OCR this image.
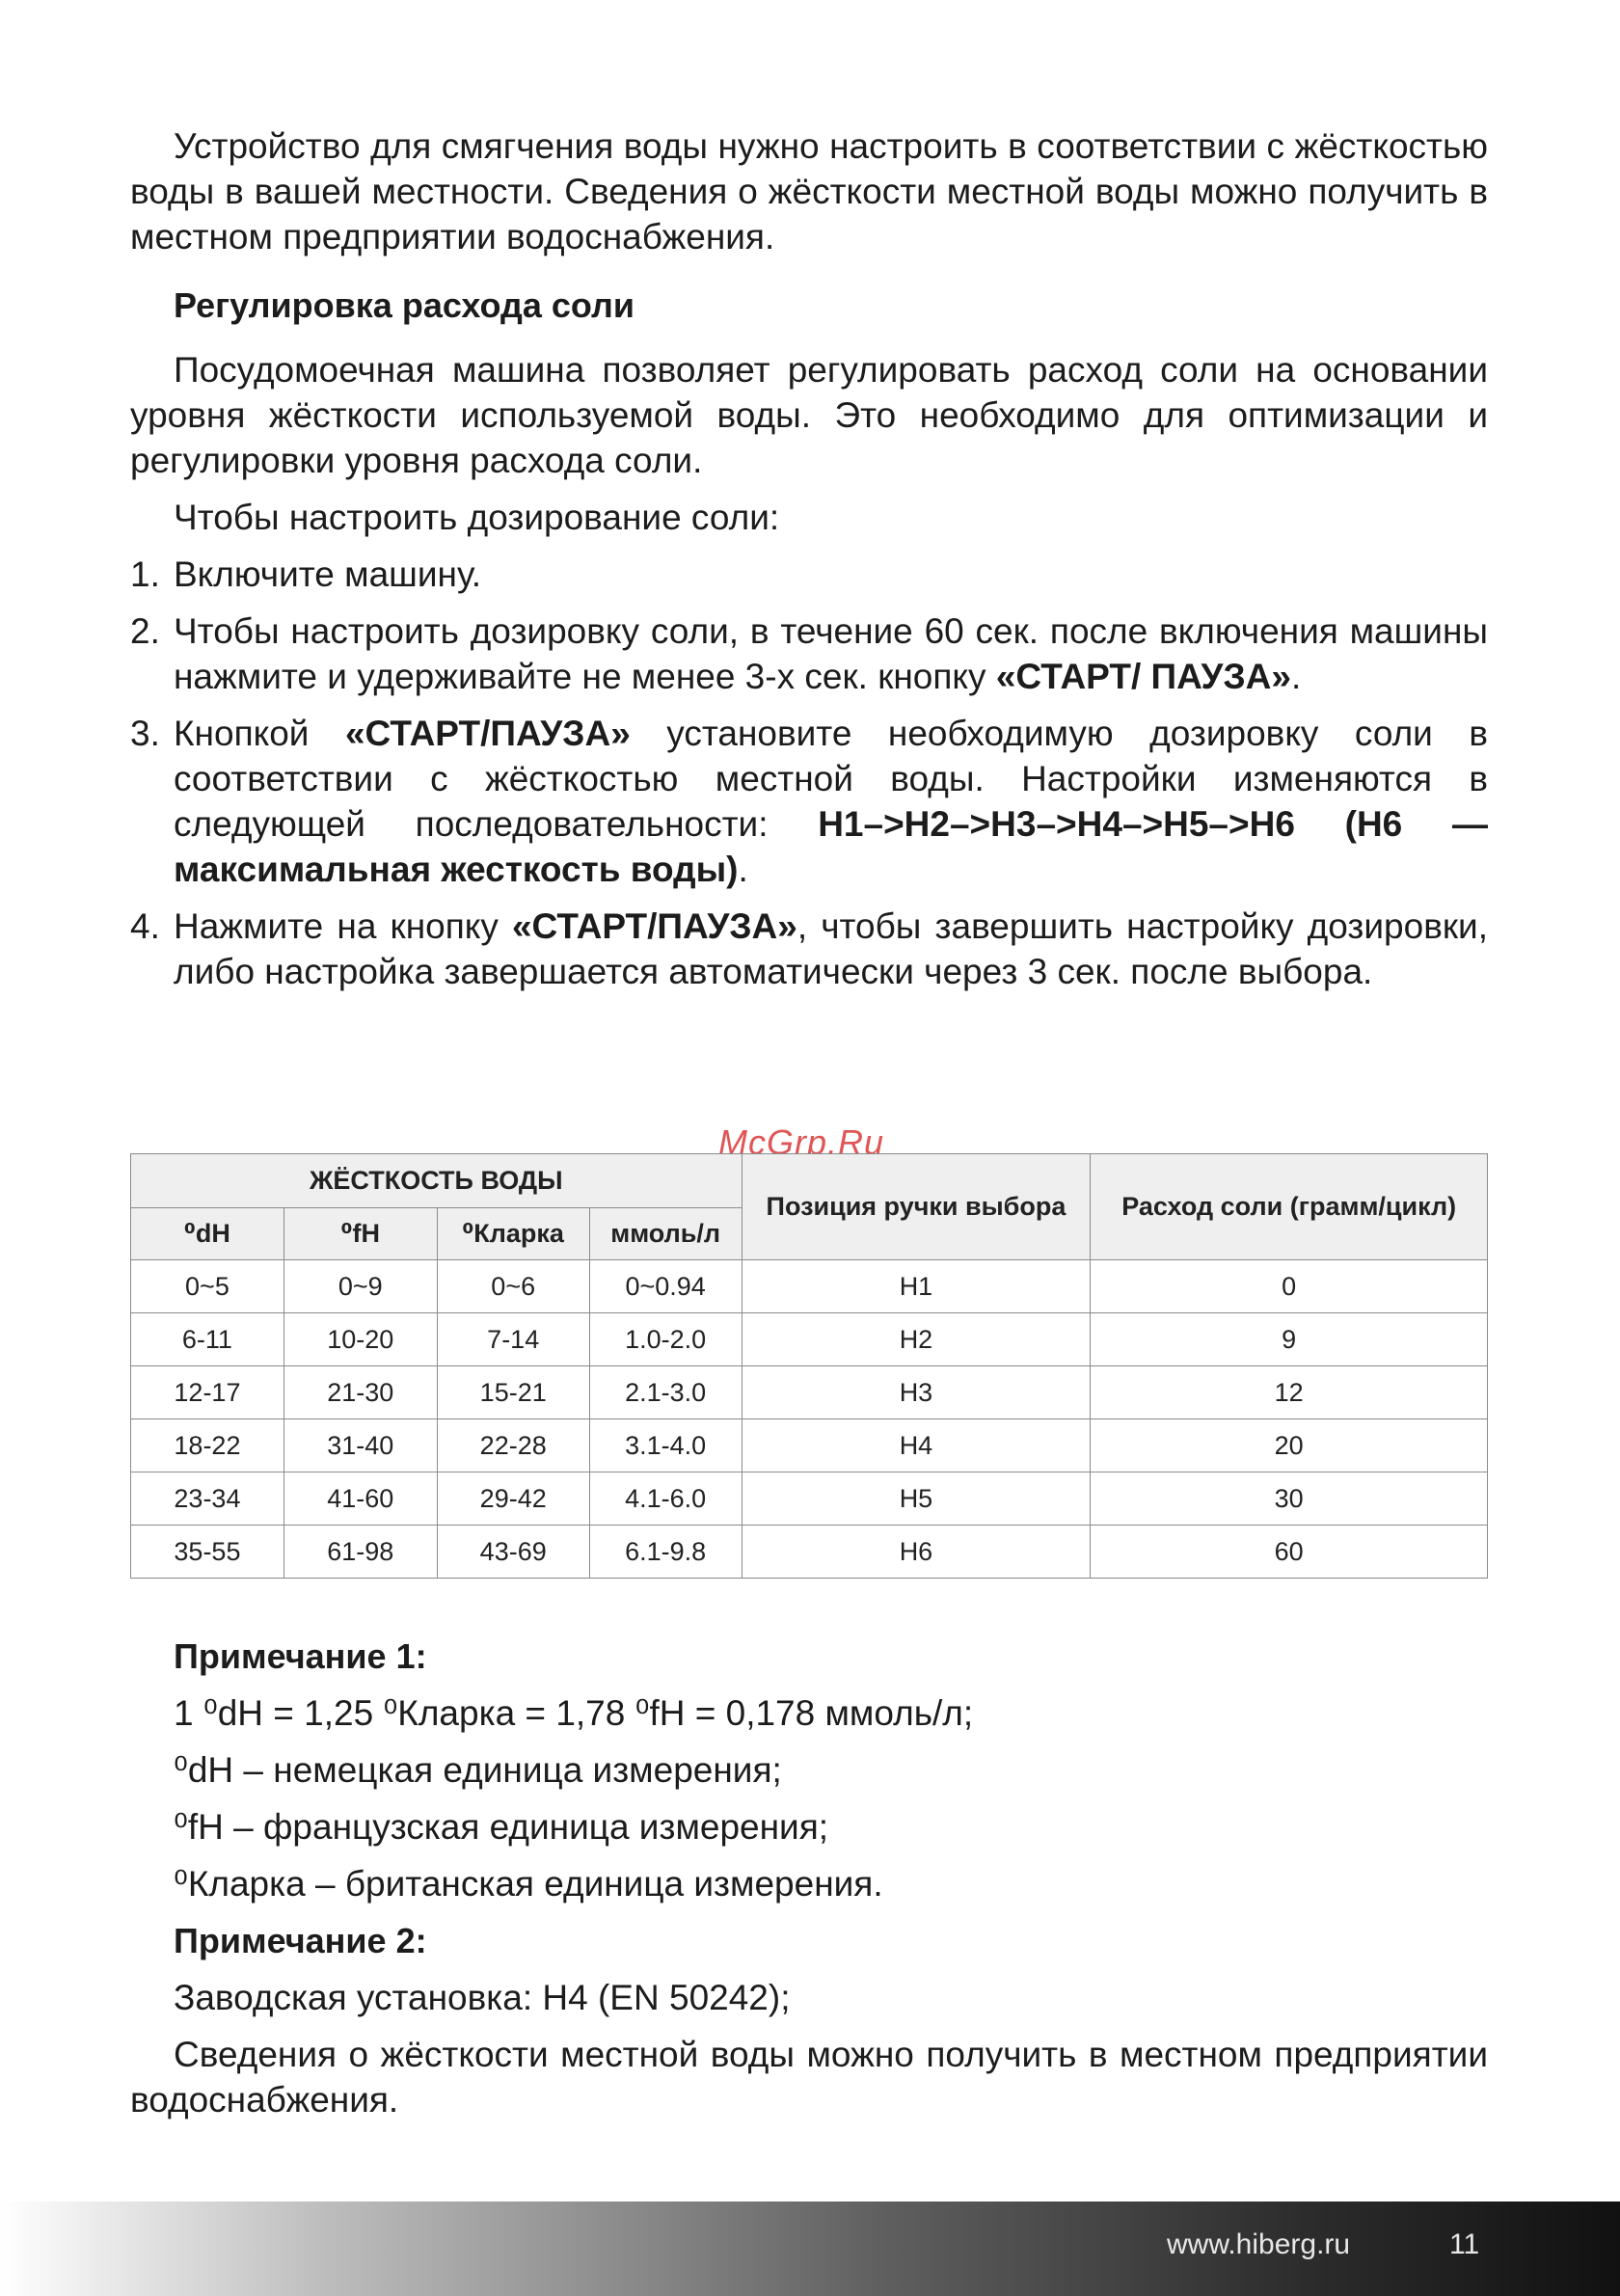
Устройство для смягчения воды нужно настроить в соответствии с жёсткостью воды в вашей местности. Сведения о жёсткости местной воды можно получить в местном предприятии водоснабжения.

Регулировка расхода соли

Посудомоечная машина позволяет регулировать расход соли на основании уровня жёсткости используемой воды. Это необходимо для оптимизации и регулировки уровня расхода соли.

Чтобы настроить дозирование соли:

1. Включите машину.
2. Чтобы настроить дозировку соли, в течение 60 сек. после включения машины нажмите и удерживайте не менее 3-х сек. кнопку «СТАРТ/ ПАУЗА».
3. Кнопкой «СТАРТ/ПАУЗА» установите необходимую дозировку соли в соответствии с жёсткостью местной воды. Настройки изменяются в следующей последовательности: H1–>H2–>H3–>H4–>H5–>H6 (H6 — максимальная жесткость воды).
4. Нажмите на кнопку «СТАРТ/ПАУЗА», чтобы завершить настройку дозировки, либо настройка завершается автоматически через 3 сек. после выбора.
McGrp.Ru
ЖЁСТКОСТЬ ВОДЫ				Позиция ручки выбора	Расход соли (грамм/цикл)
⁰dH	⁰fH	⁰Кларка	ммоль/л		
0~5	0~9	0~6	0~0.94	H1	0
6-11	10-20	7-14	1.0-2.0	H2	9
12-17	21-30	15-21	2.1-3.0	H3	12
18-22	31-40	22-28	3.1-4.0	H4	20
23-34	41-60	29-42	4.1-6.0	H5	30
35-55	61-98	43-69	6.1-9.8	H6	60

Примечание 1:

1 ⁰dH = 1,25 ⁰Кларка = 1,78 ⁰fH = 0,178 ммоль/л;

⁰dH – немецкая единица измерения;

⁰fH – французская единица измерения;

⁰Кларка – британская единица измерения.

Примечание 2:

Заводская установка: H4 (EN 50242);

Сведения о жёсткости местной воды можно получить в местном предприятии водоснабжения.

www.hiberg.ru	11
